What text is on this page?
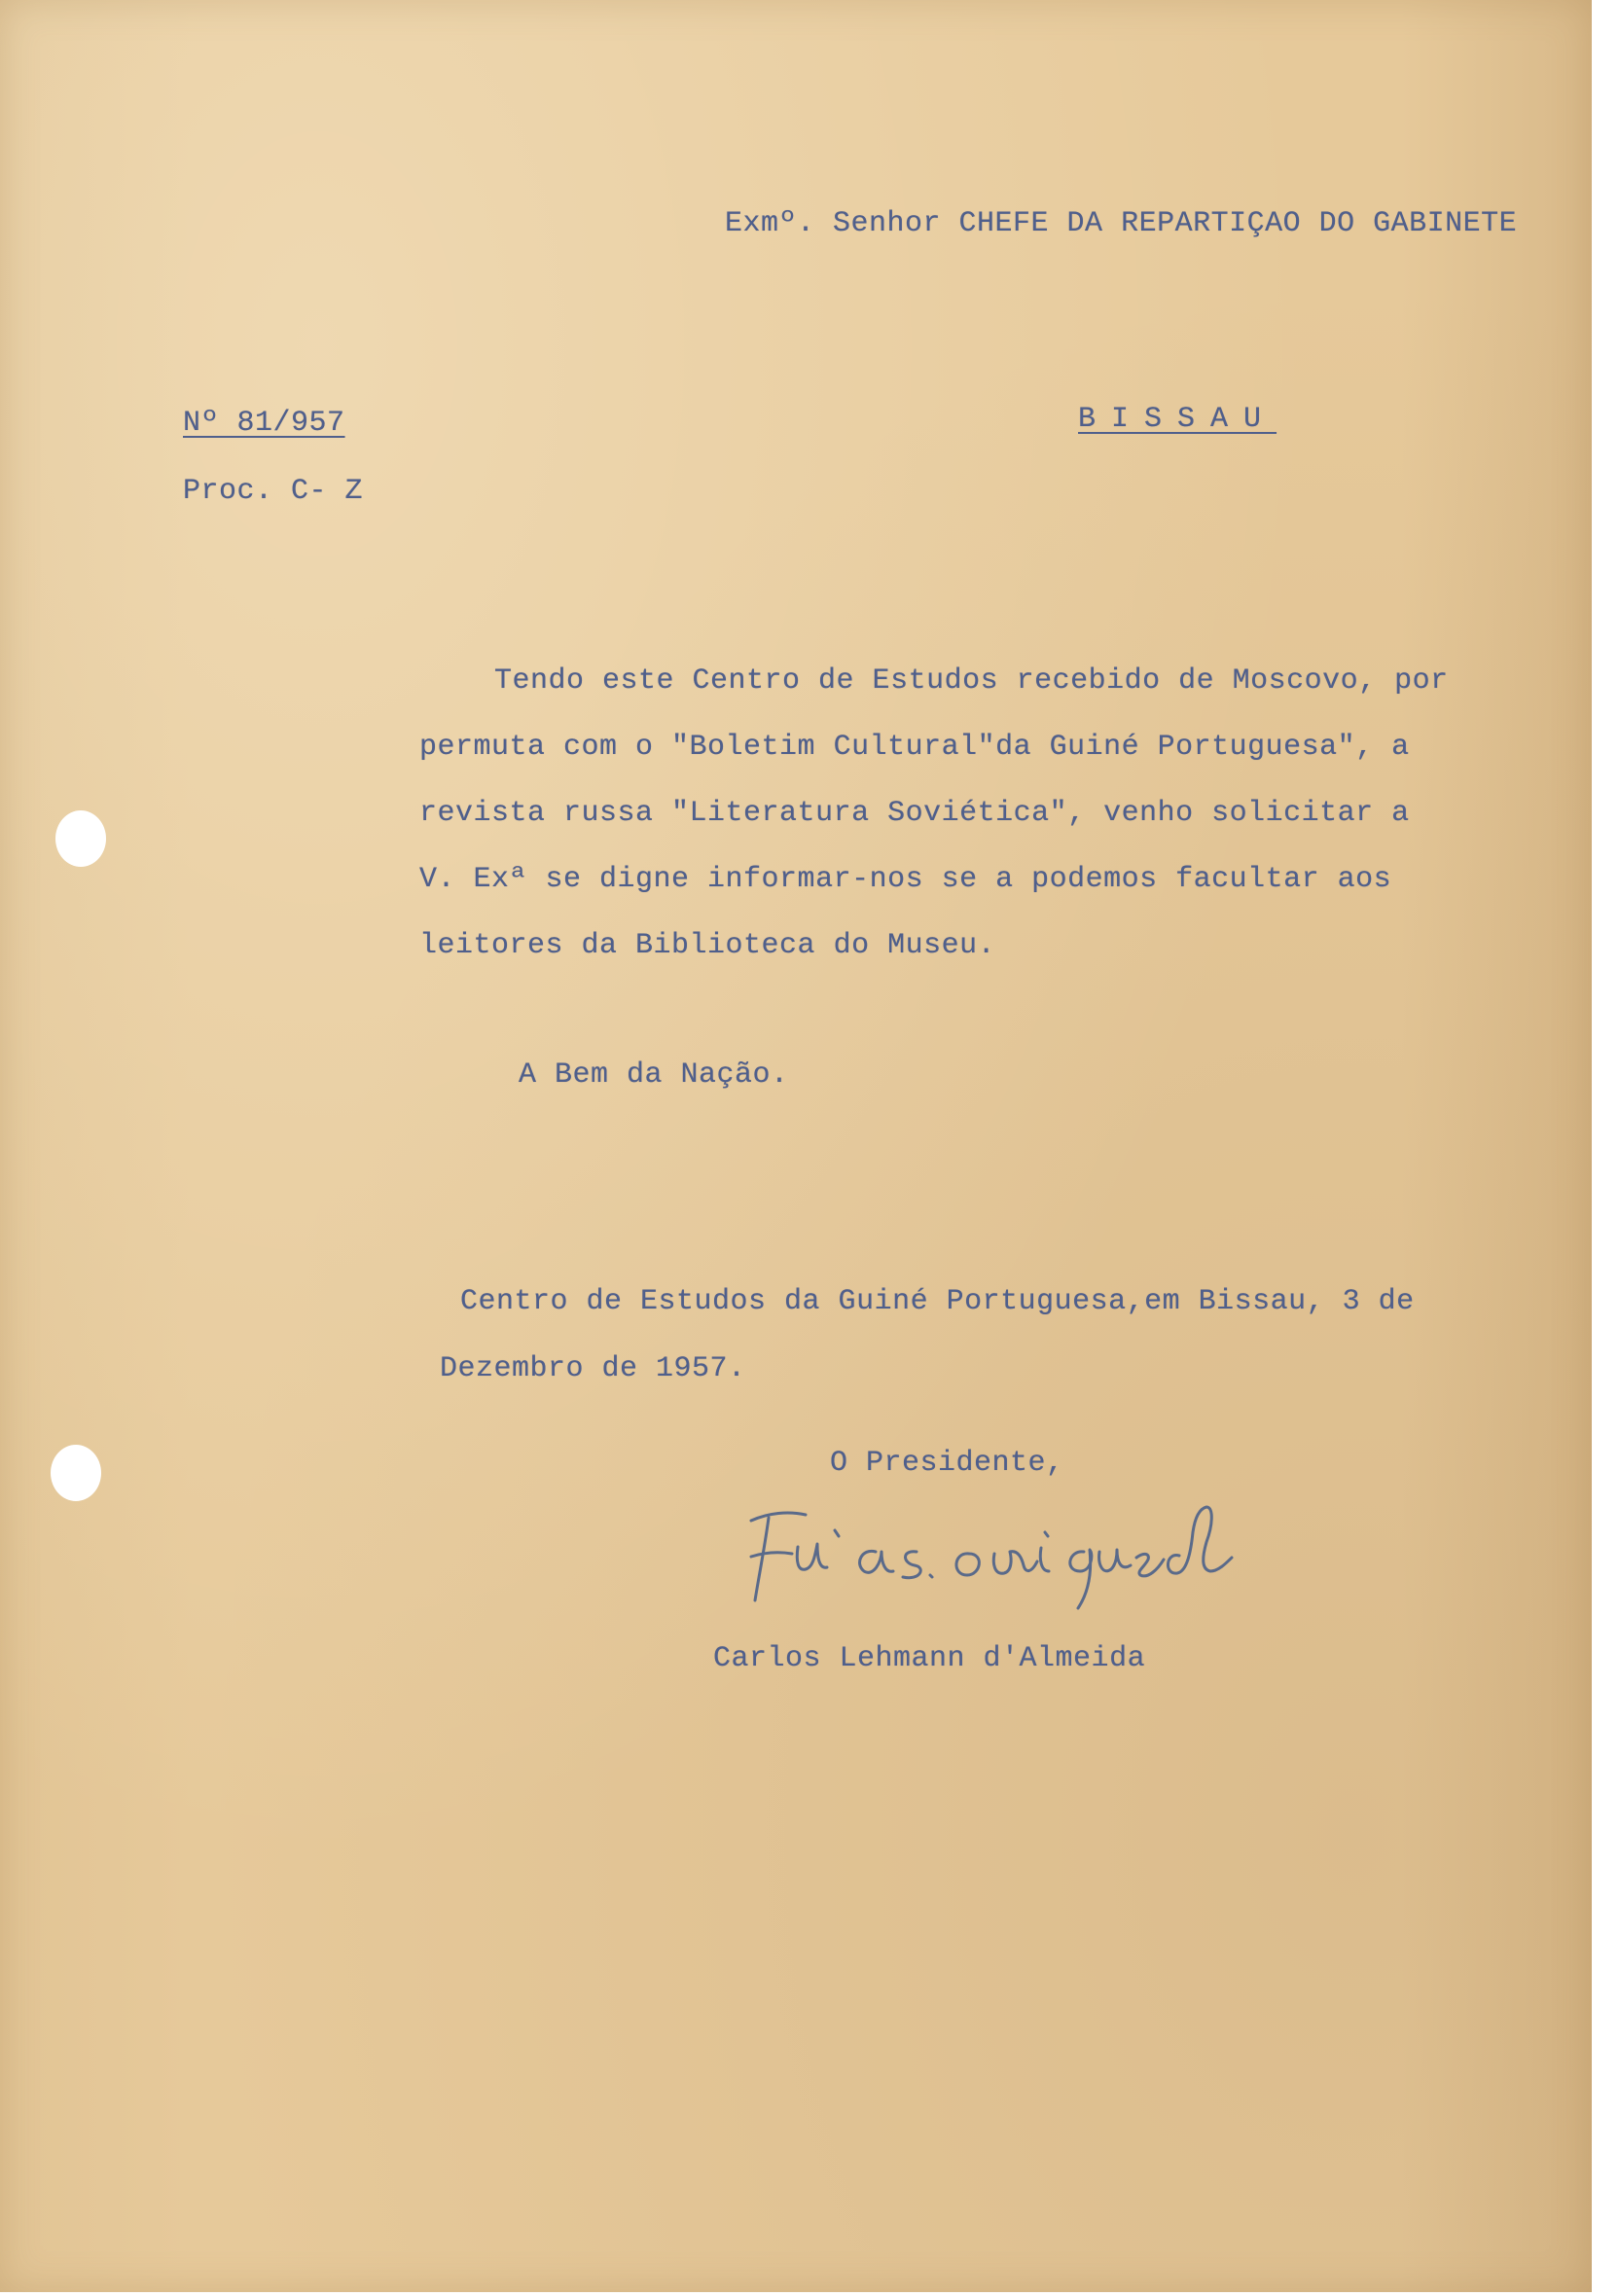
Exmº. Senhor CHEFE DA REPARTIÇAO DO GABINETE
Nº 81/957	BISSAU
Proc. C- Z
Tendo este Centro de Estudos recebido de Moscovo, por
permuta com o "Boletim Cultural"da Guiné Portuguesa", a
revista russa "Literatura Soviética", venho solicitar a
V. Exª se digne informar-nos se a podemos facultar aos
leitores da Biblioteca do Museu.
A Bem da Nação.
Centro de Estudos da Guiné Portuguesa,em Bissau, 3 de
Dezembro de 1957.
O Presidente,
Carlos Lehmann d'Almeida
